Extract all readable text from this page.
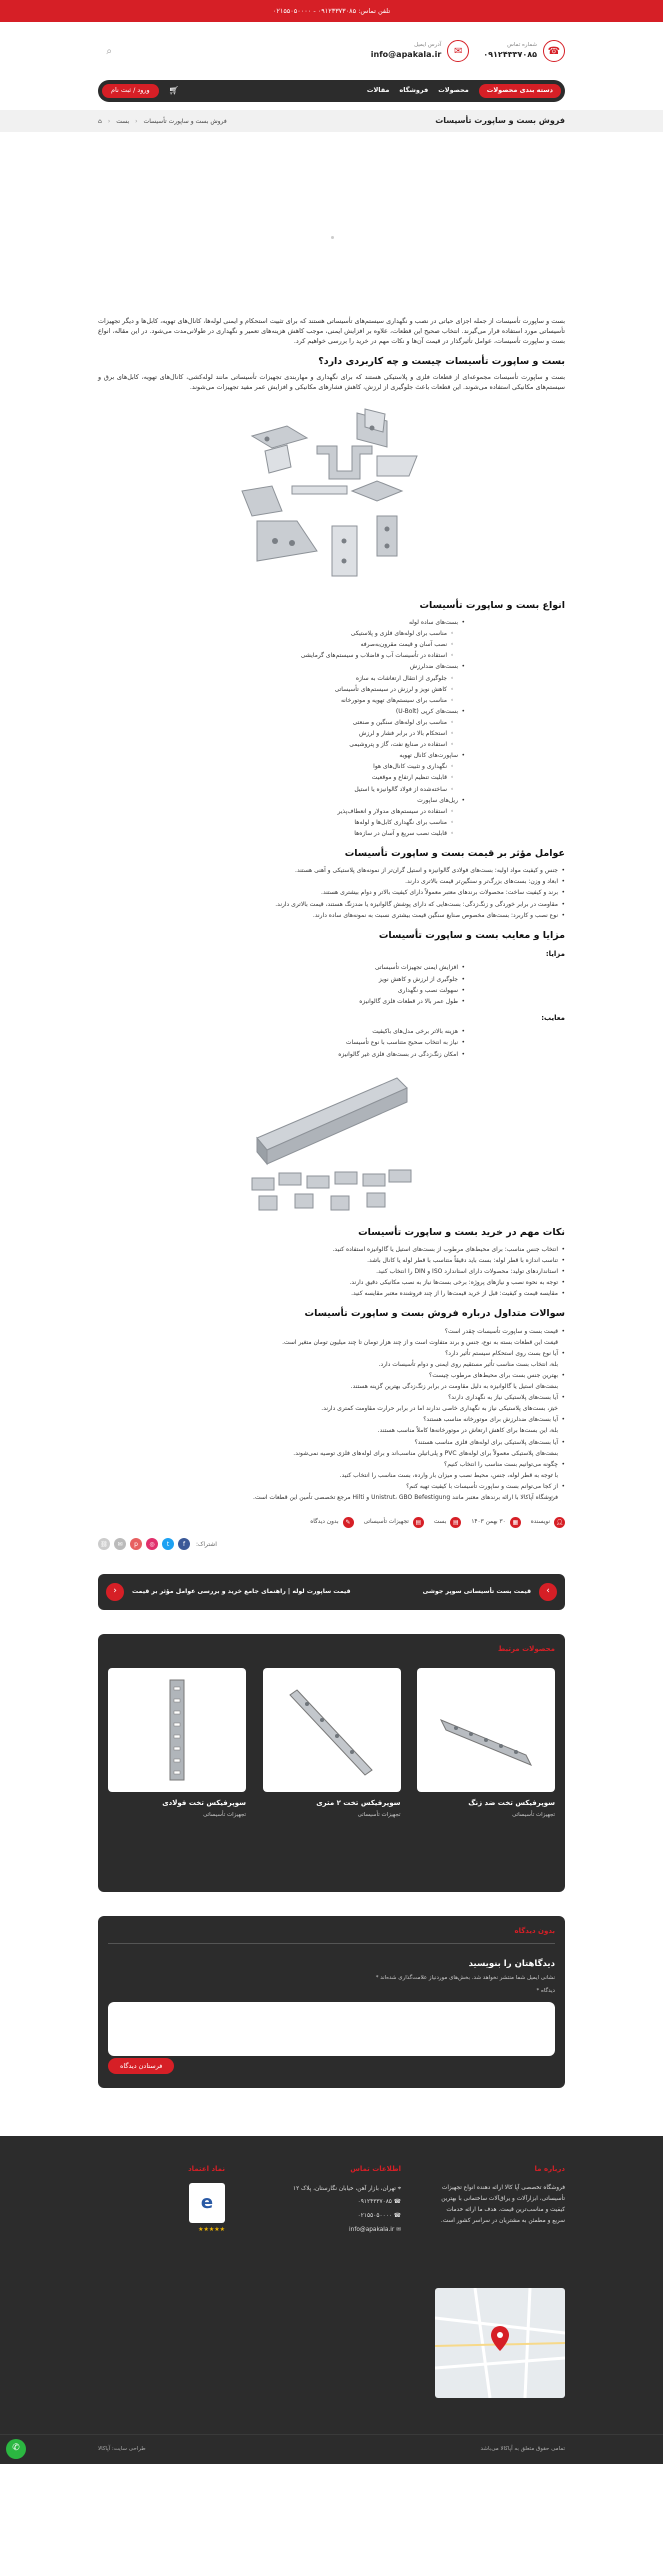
تلفن تماس: ۰۹۱۲۳۳۷۳۰۸۵ - ۰۲۱۵۵۰۵۰۰۰۰
☎
شماره تماس
۰۹۱۲۴۳۳۷۰۸۵
✉
آدرس ایمیل
info@apakala.ir
⌕
دسته بندی محصولات
محصولات
فروشگاه
مقالات
🛒︎
ورود / ثبت نام
فروش بست و ساپورت تأسیسات
فروش بست و ساپورت تأسیسات
‹
بست
‹
⌂

بست و ساپورت تأسیسات از جمله اجزای حیاتی در نصب و نگهداری سیستم‌های تأسیساتی هستند که برای تثبیت استحکام و ایمنی لوله‌ها، کانال‌های تهویه، کابل‌ها و دیگر تجهیزات تأسیساتی مورد استفاده قرار می‌گیرند. انتخاب صحیح این قطعات، علاوه بر افزایش ایمنی، موجب کاهش هزینه‌های تعمیر و نگهداری در طولانی‌مدت می‌شود. در این مقاله، انواع بست و ساپورت تأسیسات، عوامل تأثیرگذار در قیمت آن‌ها و نکات مهم در خرید را بررسی خواهیم کرد.

بست و ساپورت تأسیسات چیست و چه کاربردی دارد؟

بست و ساپورت تأسیسات مجموعه‌ای از قطعات فلزی و پلاستیکی هستند که برای نگهداری و مهاربندی تجهیزات تأسیساتی مانند لوله‌کشی، کانال‌های تهویه، کابل‌های برق و سیستم‌های مکانیکی استفاده می‌شوند. این قطعات باعث جلوگیری از لرزش، کاهش فشارهای مکانیکی و افزایش عمر مفید تجهیزات می‌شوند.

انواع بست و ساپورت تأسیسات
• بست‌های ساده لوله
◦ مناسب برای لوله‌های فلزی و پلاستیکی
◦ نصب آسان و قیمت مقرون‌به‌صرفه
◦ استفاده در تأسیسات آب و فاضلاب و سیستم‌های گرمایشی
• بست‌های ضدلرزش
◦ جلوگیری از انتقال ارتعاشات به سازه
◦ کاهش نویز و لرزش در سیستم‌های تأسیساتی
◦ مناسب برای سیستم‌های تهویه و موتورخانه
• بست‌های کرپی (U-Bolt)
◦ مناسب برای لوله‌های سنگین و صنعتی
◦ استحکام بالا در برابر فشار و لرزش
◦ استفاده در صنایع نفت، گاز و پتروشیمی
• ساپورت‌های کانال تهویه
◦ نگهداری و تثبیت کانال‌های هوا
◦ قابلیت تنظیم ارتفاع و موقعیت
◦ ساخته‌شده از فولاد گالوانیزه یا استیل
• ریل‌های ساپورت
◦ استفاده در سیستم‌های مدولار و انعطاف‌پذیر
◦ مناسب برای نگهداری کابل‌ها و لوله‌ها
◦ قابلیت نصب سریع و آسان در سازه‌ها
عوامل مؤثر بر قیمت بست و ساپورت تأسیسات
• جنس و کیفیت مواد اولیه: بست‌های فولادی گالوانیزه و استیل گران‌تر از نمونه‌های پلاستیکی و آهنی هستند.
• ابعاد و وزن: بست‌های بزرگ‌تر و سنگین‌تر قیمت بالاتری دارند.
• برند و کیفیت ساخت: محصولات برندهای معتبر معمولاً دارای کیفیت بالاتر و دوام بیشتری هستند.
• مقاومت در برابر خوردگی و زنگ‌زدگی: بست‌هایی که دارای پوشش گالوانیزه یا ضدزنگ هستند، قیمت بالاتری دارند.
• نوع نصب و کاربرد: بست‌های مخصوص صنایع سنگین قیمت بیشتری نسبت به نمونه‌های ساده دارند.
مزایا و معایب بست و ساپورت تأسیسات
مزایا:
• افزایش ایمنی تجهیزات تأسیساتی
• جلوگیری از لرزش و کاهش نویز
• سهولت نصب و نگهداری
• طول عمر بالا در قطعات فلزی گالوانیزه
معایب:
• هزینه بالاتر برخی مدل‌های باکیفیت
• نیاز به انتخاب صحیح متناسب با نوع تأسیسات
• امکان زنگ‌زدگی در بست‌های فلزی غیر گالوانیزه
نکات مهم در خرید بست و ساپورت تأسیسات
• انتخاب جنس مناسب: برای محیط‌های مرطوب از بست‌های استیل یا گالوانیزه استفاده کنید.
• تناسب اندازه با قطر لوله: بست باید دقیقاً متناسب با قطر لوله یا کانال باشد.
• استانداردهای تولید: محصولات دارای استاندارد ISO و DIN را انتخاب کنید.
• توجه به نحوه نصب و نیازهای پروژه: برخی بست‌ها نیاز به نصب مکانیکی دقیق دارند.
• مقایسه قیمت و کیفیت: قبل از خرید قیمت‌ها را از چند فروشنده معتبر مقایسه کنید.
سوالات متداول درباره فروش بست و ساپورت تأسیسات
• قیمت بست و ساپورت تأسیسات چقدر است؟
◦ قیمت این قطعات بسته به نوع، جنس و برند متفاوت است و از چند هزار تومان تا چند میلیون تومان متغیر است.
• آیا نوع بست روی استحکام سیستم تأثیر دارد؟
◦ بله، انتخاب بست مناسب تأثیر مستقیم روی ایمنی و دوام تأسیسات دارد.
• بهترین جنس بست برای محیط‌های مرطوب چیست؟
◦ بست‌های استیل یا گالوانیزه به دلیل مقاومت در برابر زنگ‌زدگی بهترین گزینه هستند.
• آیا بست‌های پلاستیکی نیاز به نگهداری دارند؟
◦ خیر، بست‌های پلاستیکی نیاز به نگهداری خاصی ندارند اما در برابر حرارت مقاومت کمتری دارند.
• آیا بست‌های ضدلرزش برای موتورخانه مناسب هستند؟
◦ بله، این بست‌ها برای کاهش ارتعاش در موتورخانه‌ها کاملاً مناسب هستند.
• آیا بست‌های پلاستیکی برای لوله‌های فلزی مناسب هستند؟
◦ بست‌های پلاستیکی معمولاً برای لوله‌های PVC و پلی‌اتیلن مناسب‌اند و برای لوله‌های فلزی توصیه نمی‌شوند.
• چگونه می‌توانیم بست مناسب را انتخاب کنیم؟
◦ با توجه به قطر لوله، جنس، محیط نصب و میزان بار وارده، بست مناسب را انتخاب کنید.
• از کجا می‌توانم بست و ساپورت تأسیسات با کیفیت تهیه کنم؟
◦ فروشگاه آپاکالا با ارائه برندهای معتبر مانند Unistrut، GBO Befestigung و Hilti مرجع تخصصی تأمین این قطعات است.
👤︎
نویسنده
▦
۳۰ بهمن ۱۴۰۳
▤
بست
▤
تجهیزات تأسیساتی
✎
بدون دیدگاه
اشتراک:
f
t
◎
p
✉
⛓
›
قیمت بست تأسیساتی سوپر جوشی
قیمت ساپورت لوله | راهنمای جامع خرید و بررسی عوامل مؤثر بر قیمت
‹
محصولات مرتبط
سوپرفیکس تخت ضد زنگ
تجهیزات تأسیساتی
سوپرفیکس تخت ۲ متری
تجهیزات تأسیساتی
سوپرفیکس تخت فولادی
تجهیزات تأسیساتی
بدون دیدگاه
دیدگاهتان را بنویسید
نشانی ایمیل شما منتشر نخواهد شد. بخش‌های موردنیاز علامت‌گذاری شده‌اند *
دیدگاه *
فرستادن دیدگاه
درباره ما

فروشگاه تخصصی آپا کالا ارائه دهنده انواع تجهیزات تأسیساتی، ابزارآلات و یراق‌آلات ساختمانی با بهترین کیفیت و مناسب‌ترین قیمت. هدف ما ارائه خدمات سریع و مطمئن به مشتریان در سراسر کشور است.

اطلاعات تماس
⌖ تهران، بازار آهن، خیابان نگارستان، پلاک ۱۲
☎ ۰۹۱۲۴۳۳۷۰۸۵
☎ ۰۲۱۵۵۰۵۰۰۰۰
✉ info@apakala.ir
نماد اعتماد
e
★★★★★
تمامی حقوق متعلق به آپاکالا می‌باشد
طراحی سایت: آپاکالا
✆
